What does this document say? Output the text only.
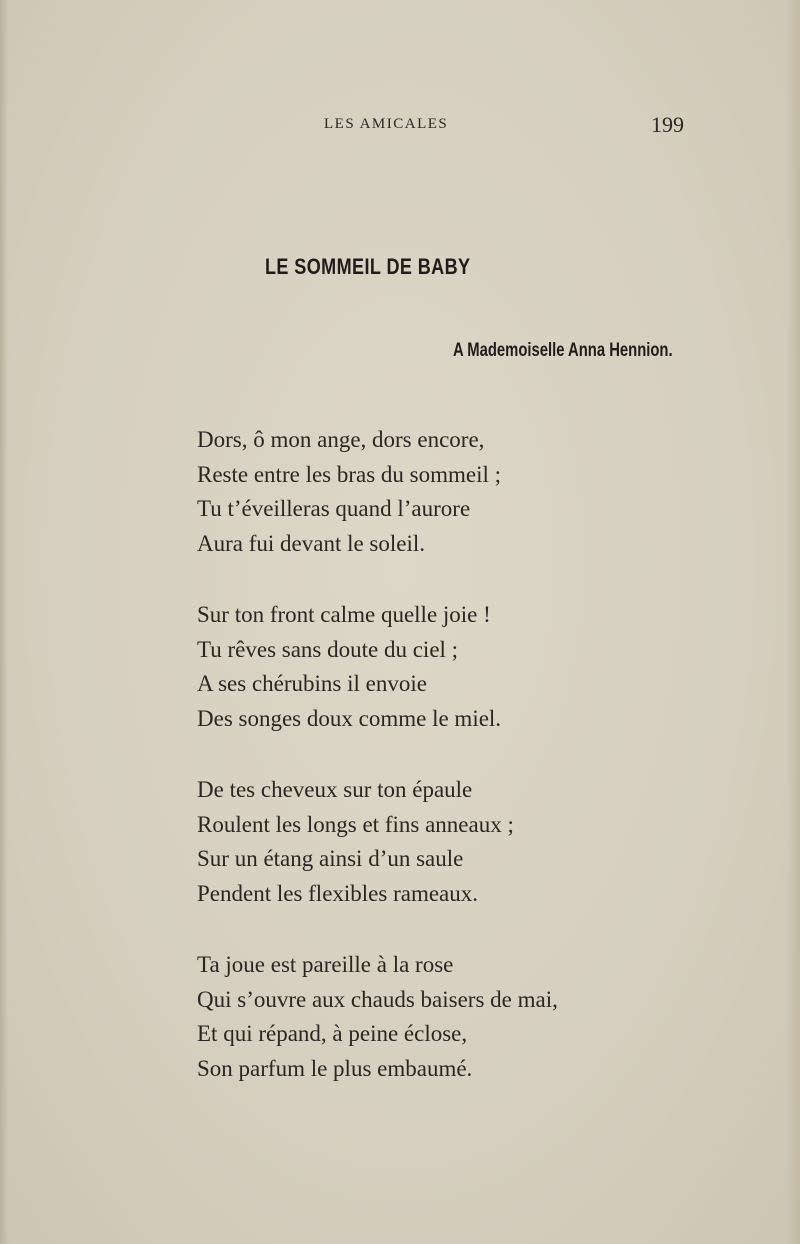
LES AMICALES	199
LE SOMMEIL DE BABY
A Mademoiselle Anna Hennion.
Dors, ô mon ange, dors encore,
Reste entre les bras du sommeil ;
Tu t’éveilleras quand l’aurore
Aura fui devant le soleil.
Sur ton front calme quelle joie !
Tu rêves sans doute du ciel ;
A ses chérubins il envoie
Des songes doux comme le miel.
De tes cheveux sur ton épaule
Roulent les longs et fins anneaux ;
Sur un étang ainsi d’un saule
Pendent les flexibles rameaux.
Ta joue est pareille à la rose
Qui s’ouvre aux chauds baisers de mai,
Et qui répand, à peine éclose,
Son parfum le plus embaumé.
